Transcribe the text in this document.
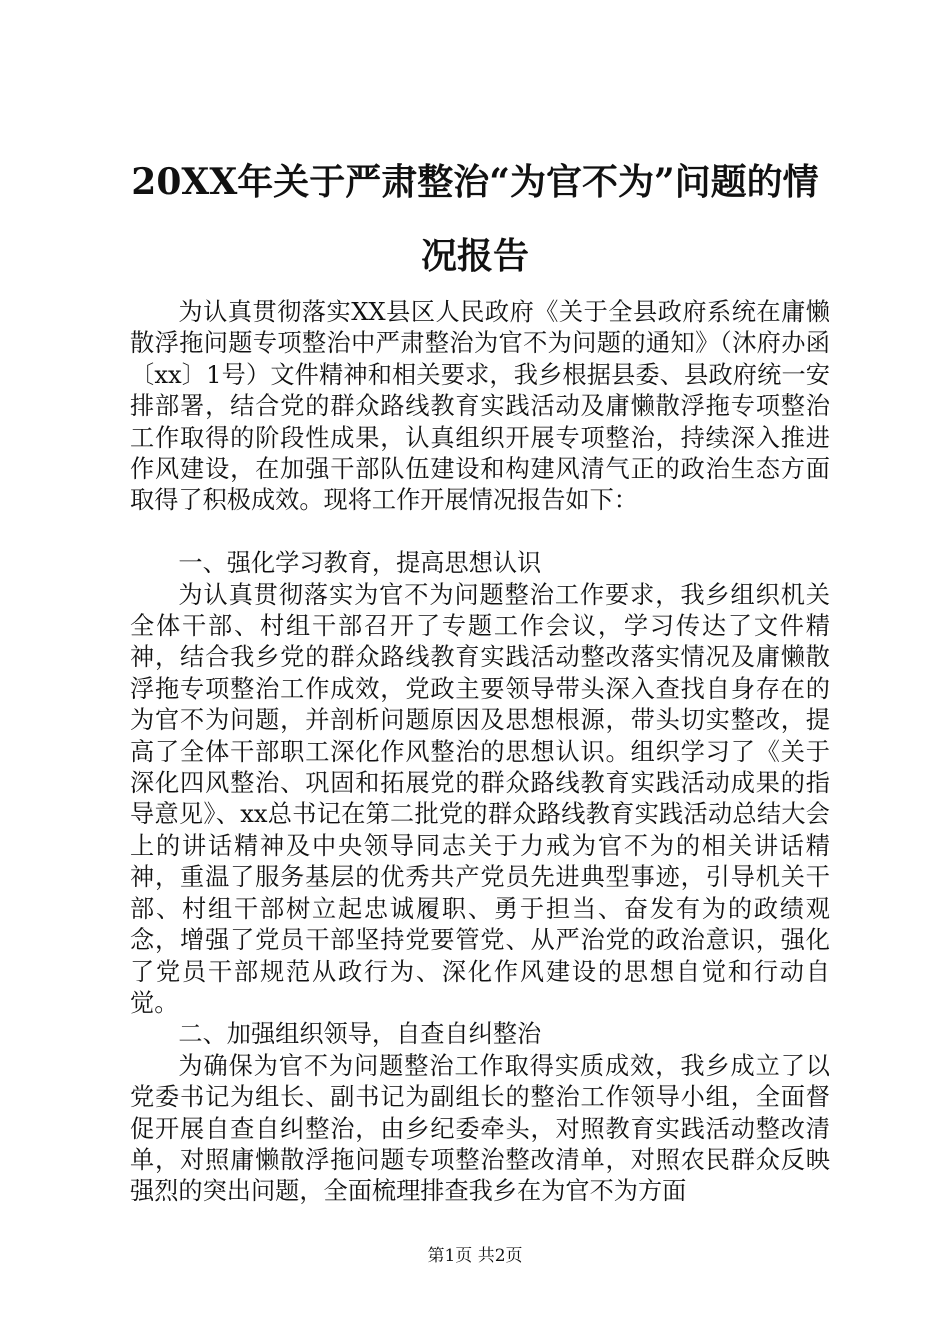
20XX年关于严肃整治“为官不为”问题的情况报告

为认真贯彻落实XX县区人民政府《关于全县政府系统在庸懒散浮拖问题专项整治中严肃整治为官不为问题的通知》（沐府办函〔xx〕1号）文件精神和相关要求，我乡根据县委、县政府统一安排部署，结合党的群众路线教育实践活动及庸懒散浮拖专项整治工作取得的阶段性成果，认真组织开展专项整治，持续深入推进作风建设，在加强干部队伍建设和构建风清气正的政治生态方面取得了积极成效。现将工作开展情况报告如下：

一、强化学习教育，提高思想认识

为认真贯彻落实为官不为问题整治工作要求，我乡组织机关全体干部、村组干部召开了专题工作会议，学习传达了文件精神，结合我乡党的群众路线教育实践活动整改落实情况及庸懒散浮拖专项整治工作成效，党政主要领导带头深入查找自身存在的为官不为问题，并剖析问题原因及思想根源，带头切实整改，提高了全体干部职工深化作风整治的思想认识。组织学习了《关于深化四风整治、巩固和拓展党的群众路线教育实践活动成果的指导意见》、xx总书记在第二批党的群众路线教育实践活动总结大会上的讲话精神及中央领导同志关于力戒为官不为的相关讲话精神，重温了服务基层的优秀共产党员先进典型事迹，引导机关干部、村组干部树立起忠诚履职、勇于担当、奋发有为的政绩观念，增强了党员干部坚持党要管党、从严治党的政治意识，强化了党员干部规范从政行为、深化作风建设的思想自觉和行动自觉。

二、加强组织领导，自查自纠整治

为确保为官不为问题整治工作取得实质成效，我乡成立了以党委书记为组长、副书记为副组长的整治工作领导小组，全面督促开展自查自纠整治，由乡纪委牵头，对照教育实践活动整改清单，对照庸懒散浮拖问题专项整治整改清单，对照农民群众反映强烈的突出问题，全面梳理排查我乡在为官不为方面

第1页 共2页
